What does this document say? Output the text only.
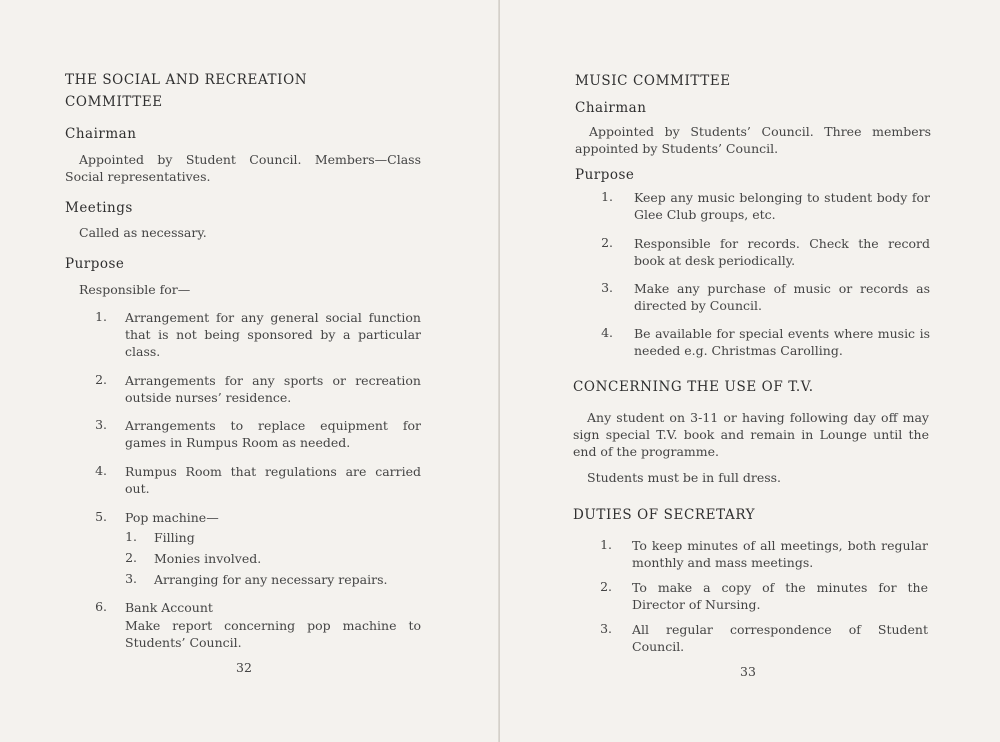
THE SOCIAL AND RECREATION

COMMITTEE

Chairman

Appointed by Student Council. Members—Class Social representatives.

Meetings

Called as necessary.

Purpose

Responsible for—

1. Arrangement for any general social function that is not being sponsored by a particular class.

2. Arrangements for any sports or recreation outside nurses’ residence.

3. Arrangements to replace equipment for games in Rumpus Room as needed.

4. Rumpus Room that regulations are carried out.

5. Pop machine—

1. Filling

2. Monies involved.

3. Arranging for any necessary repairs.

6. Bank Account

Make report concerning pop machine to Students’ Council.

32

MUSIC COMMITTEE

Chairman

Appointed by Students’ Council. Three members appointed by Students’ Council.

Purpose

1. Keep any music belonging to student body for Glee Club groups, etc.

2. Responsible for records. Check the record book at desk periodically.

3. Make any purchase of music or records as directed by Council.

4. Be available for special events where music is needed e.g. Christmas Carolling.

CONCERNING THE USE OF T.V.

Any student on 3-11 or having following day off may sign special T.V. book and remain in Lounge until the end of the programme.

Students must be in full dress.

DUTIES OF SECRETARY

1. To keep minutes of all meetings, both regular monthly and mass meetings.

2. To make a copy of the minutes for the Director of Nursing.

3. All regular correspondence of Student Council.

33
